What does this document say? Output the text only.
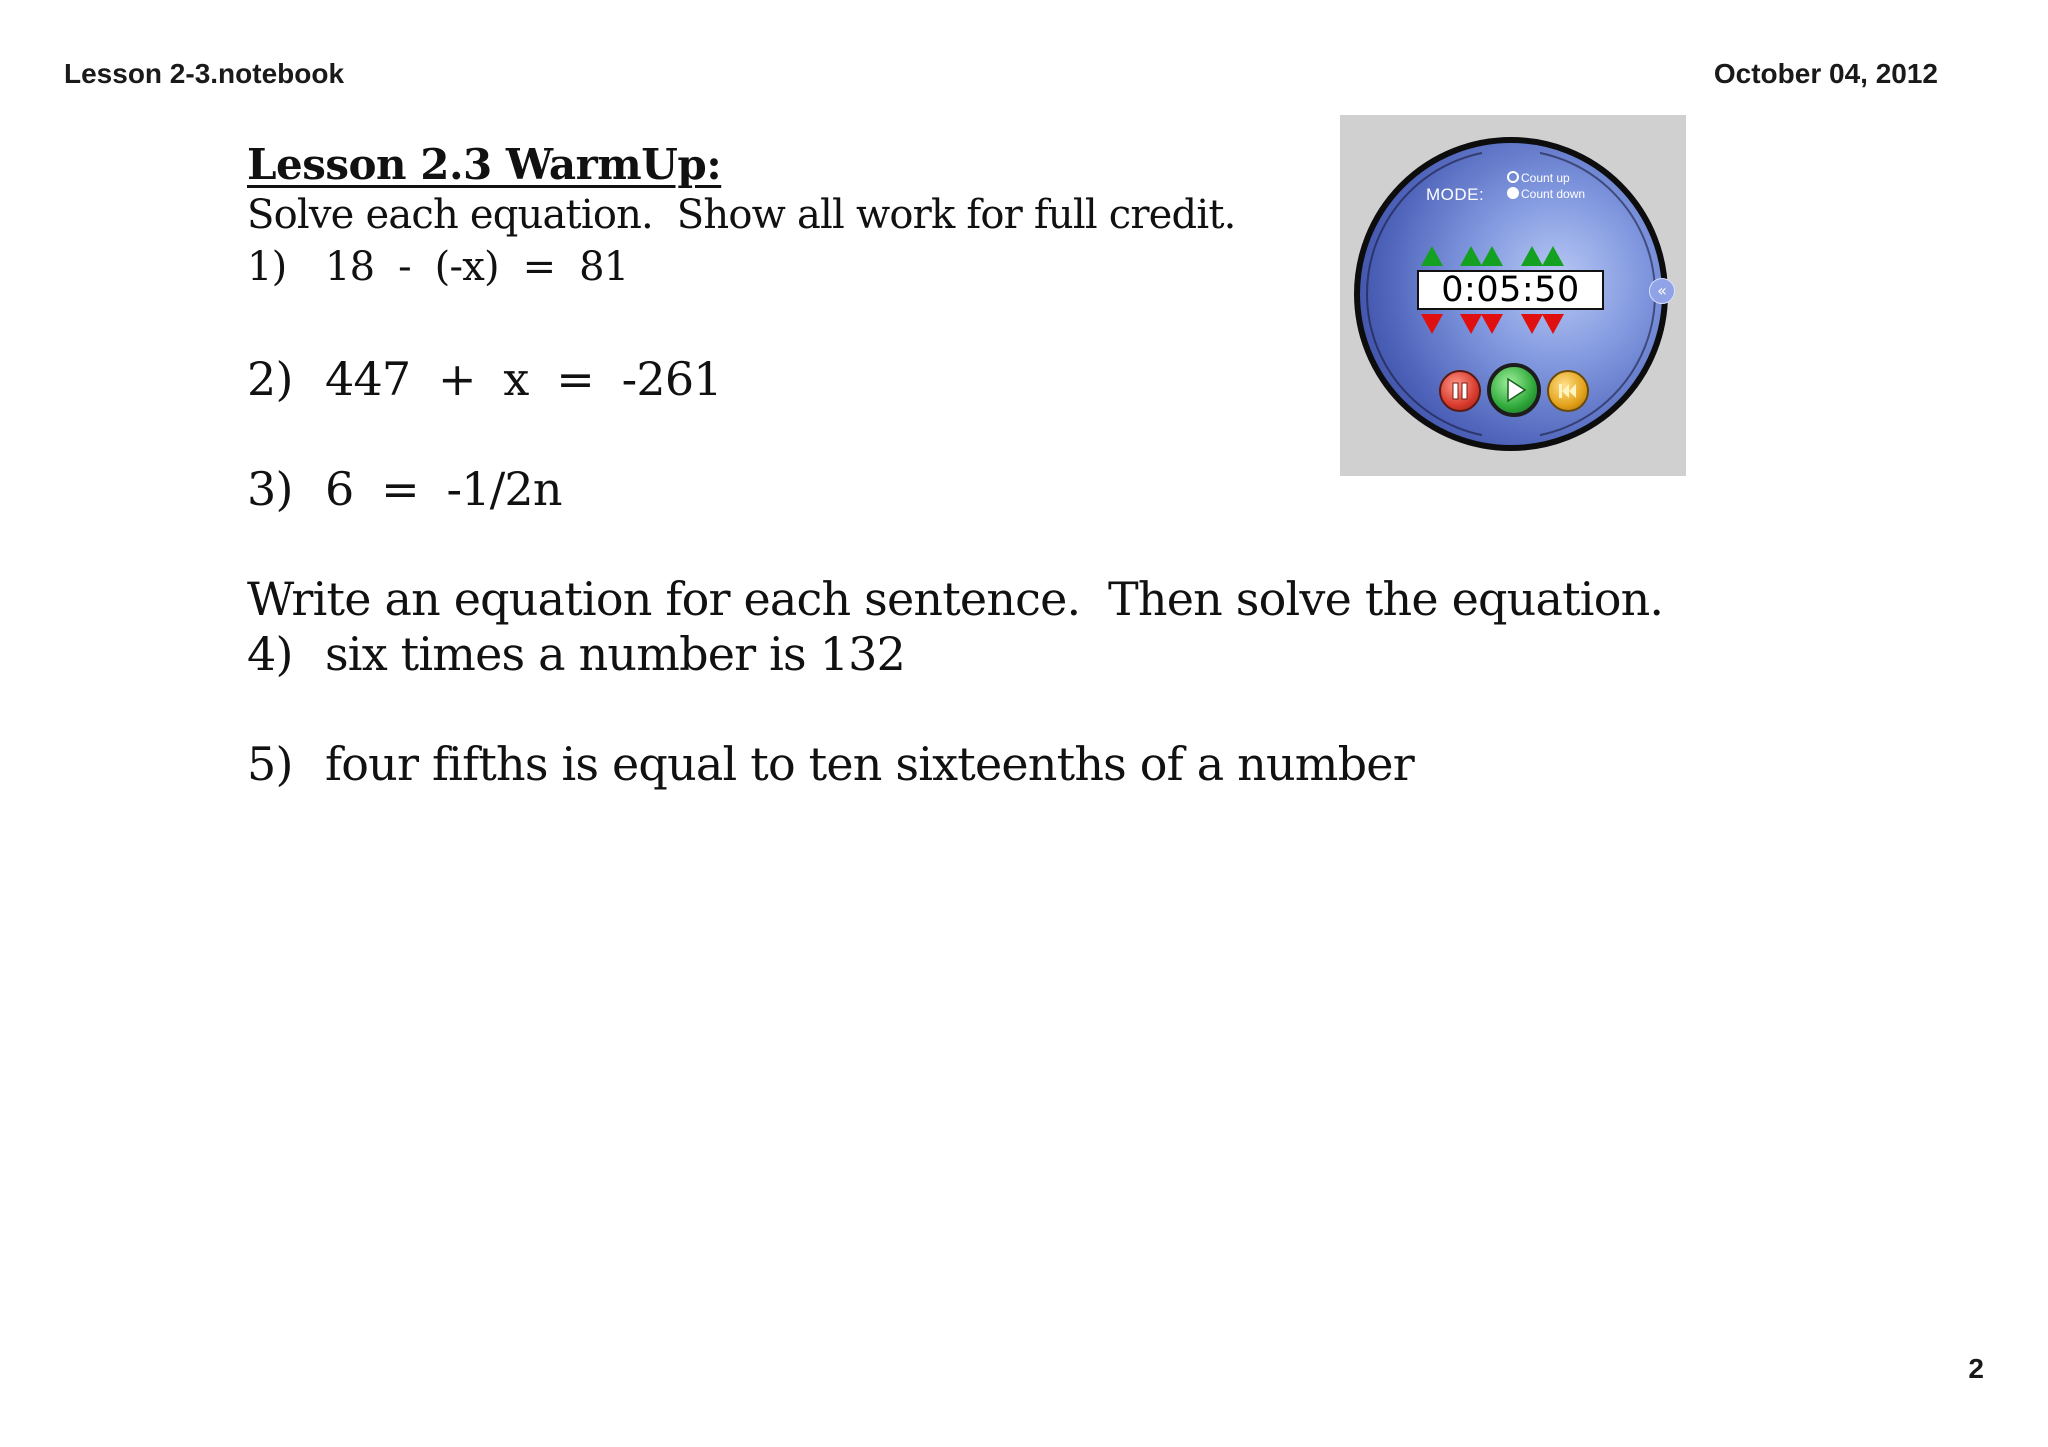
Lesson 2-3.notebook	October 04, 2012
Lesson 2.3 WarmUp:
Solve each equation.  Show all work for full credit.
1) 18  -  (-x)  =  81
2) 447  +  x  =  -261
3) 6  =  -1/2n
Write an equation for each sentence.  Then solve the equation.
4) six times a number is 132
5) four fifths is equal to ten sixteenths of a number
MODE:
Count up
Count down
0:05:50	«
2
